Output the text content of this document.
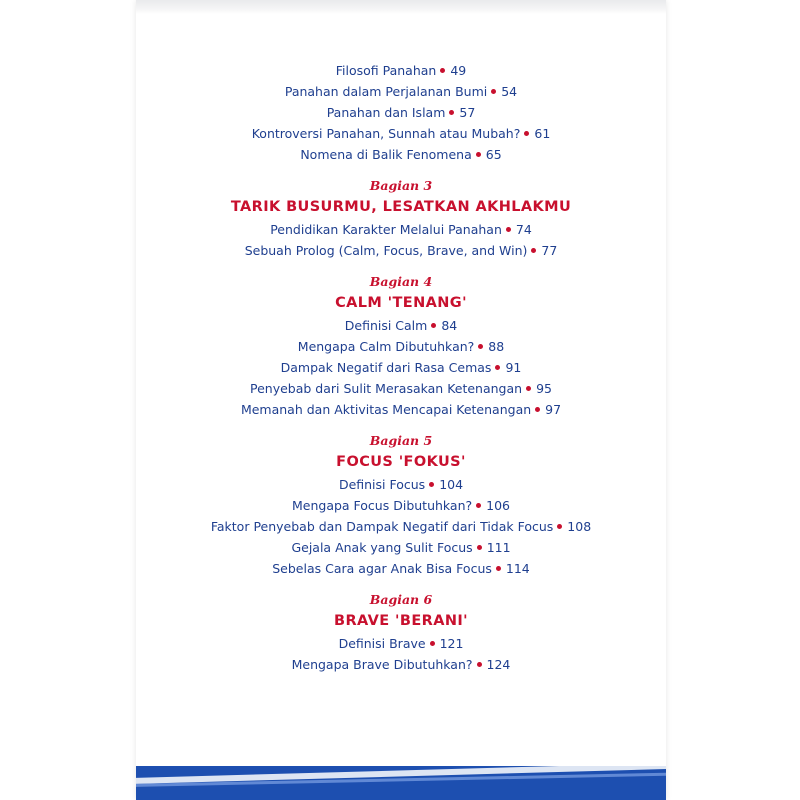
Filosofi Panahan 49
Panahan dalam Perjalanan Bumi 54
Panahan dan Islam 57
Kontroversi Panahan, Sunnah atau Mubah? 61
Nomena di Balik Fenomena 65
Bagian 3
TARIK BUSURMU, LESATKAN AKHLAKMU
Pendidikan Karakter Melalui Panahan 74
Sebuah Prolog (Calm, Focus, Brave, and Win) 77
Bagian 4
CALM 'TENANG'
Definisi Calm 84
Mengapa Calm Dibutuhkan? 88
Dampak Negatif dari Rasa Cemas 91
Penyebab dari Sulit Merasakan Ketenangan 95
Memanah dan Aktivitas Mencapai Ketenangan 97
Bagian 5
FOCUS 'FOKUS'
Definisi Focus 104
Mengapa Focus Dibutuhkan? 106
Faktor Penyebab dan Dampak Negatif dari Tidak Focus 108
Gejala Anak yang Sulit Focus 111
Sebelas Cara agar Anak Bisa Focus 114
Bagian 6
BRAVE 'BERANI'
Definisi Brave 121
Mengapa Brave Dibutuhkan? 124
